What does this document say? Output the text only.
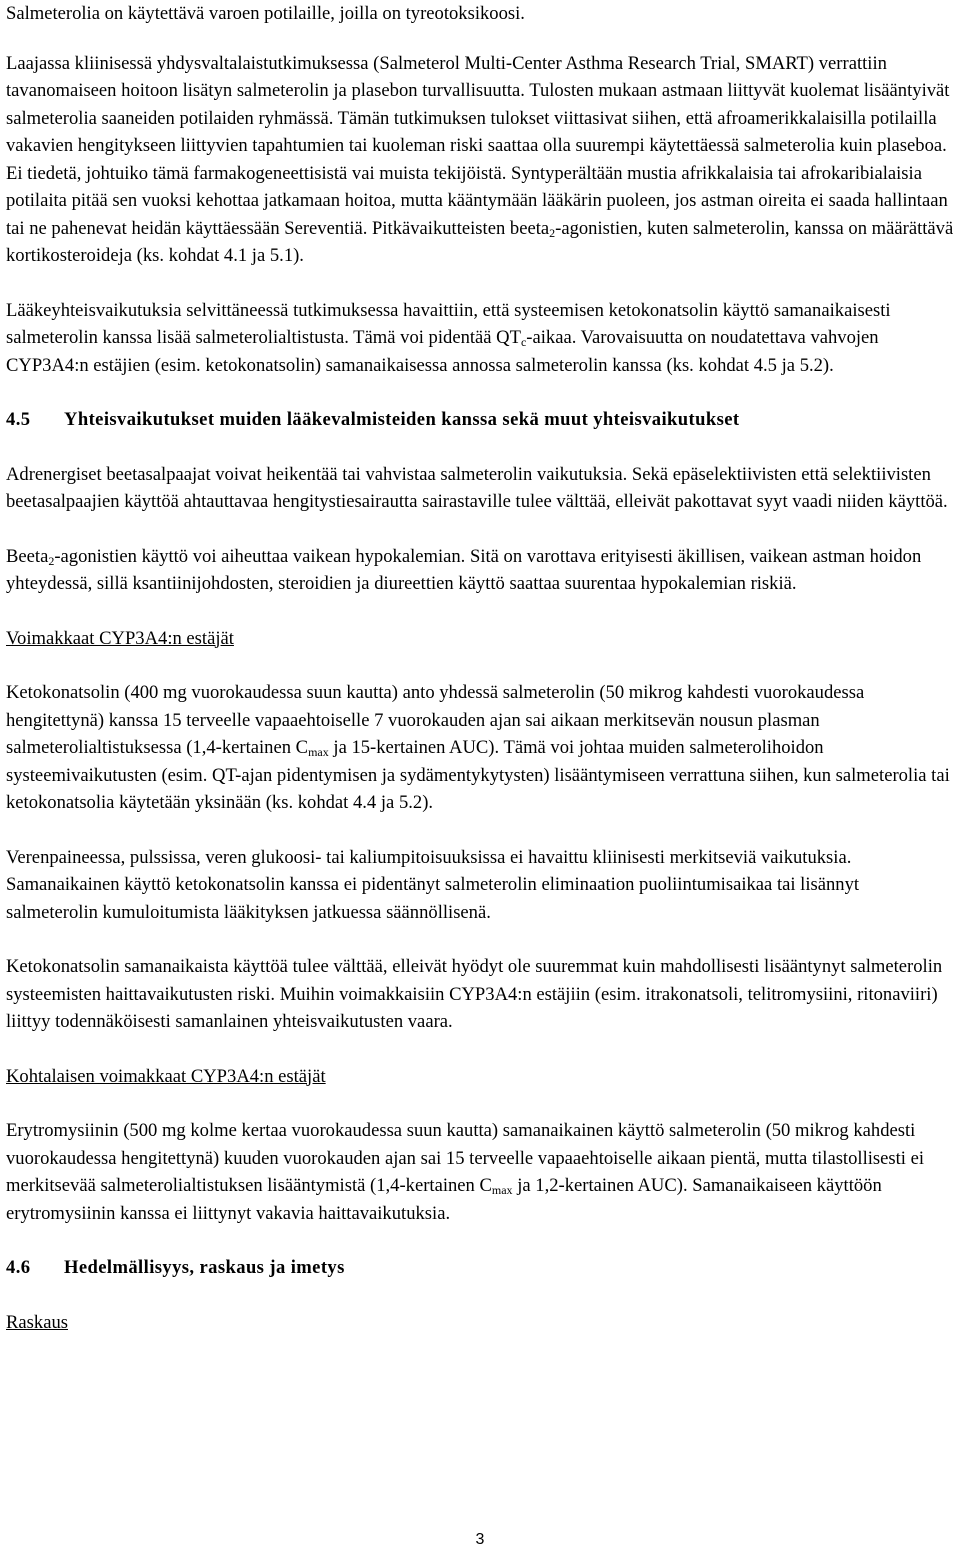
Salmeterolia on käytettävä varoen potilaille, joilla on tyreotoksikoosi.

Laajassa kliinisessä yhdysvaltalaistutkimuksessa (Salmeterol Multi-Center Asthma Research Trial, SMART) verrattiin tavanomaiseen hoitoon lisätyn salmeterolin ja plasebon turvallisuutta. Tulosten mukaan astmaan liittyvät kuolemat lisääntyivät salmeterolia saaneiden potilaiden ryhmässä. Tämän tutkimuksen tulokset viittasivat siihen, että afroamerikkalaisilla potilailla vakavien hengitykseen liittyvien tapahtumien tai kuoleman riski saattaa olla suurempi käytettäessä salmeterolia kuin plaseboa. Ei tiedetä, johtuiko tämä farmakogeneettisistä vai muista tekijöistä. Syntyperältään mustia afrikkalaisia tai afrokaribialaisia potilaita pitää sen vuoksi kehottaa jatkamaan hoitoa, mutta kääntymään lääkärin puoleen, jos astman oireita ei saada hallintaan tai ne pahenevat heidän käyttäessään Sereventiä. Pitkävaikutteisten beeta$_2$-agonistien, kuten salmeterolin, kanssa on määrättävä kortikosteroideja (ks. kohdat 4.1 ja 5.1).

Lääkeyhteisvaikutuksia selvittäneessä tutkimuksessa havaittiin, että systeemisen ketokonatsolin käyttö samanaikaisesti salmeterolin kanssa lisää salmeterolialtistusta. Tämä voi pidentää $QT_c$-aikaa. Varovaisuutta on noudatettava vahvojen CYP3A4:n estäjien (esim. ketokonatsolin) samanaikaisessa annossa salmeterolin kanssa (ks. kohdat 4.5 ja 5.2).

4.5 Yhteisvaikutukset muiden lääkevalmisteiden kanssa sekä muut yhteisvaikutukset

Adrenergiset beetasalpaajat voivat heikentää tai vahvistaa salmeterolin vaikutuksia. Sekä epäselektiivisten että selektiivisten beetasalpaajien käyttöä ahtauttavaa hengitystiesairautta sairastaville tulee välttää, elleivät pakottavat syyt vaadi niiden käyttöä.

Beeta$_2$-agonistien käyttö voi aiheuttaa vaikean hypokalemian. Sitä on varottava erityisesti äkillisen, vaikean astman hoidon yhteydessä, sillä ksantiinijohdosten, steroidien ja diureettien käyttö saattaa suurentaa hypokalemian riskiä.

Voimakkaat CYP3A4:n estäjät

Ketokonatsolin (400 mg vuorokaudessa suun kautta) anto yhdessä salmeterolin (50 mikrog kahdesti vuorokaudessa hengitettynä) kanssa 15 terveelle vapaaehtoiselle 7 vuorokauden ajan sai aikaan merkitsevän nousun plasman salmeterolialtistuksessa (1,4-kertainen $C_{max}$ ja 15-kertainen AUC). Tämä voi johtaa muiden salmeterolihoidon systeemivaikutusten (esim. QT-ajan pidentymisen ja sydämentykytysten) lisääntymiseen verrattuna siihen, kun salmeterolia tai ketokonatsolia käytetään yksinään (ks. kohdat 4.4 ja 5.2).

Verenpaineessa, pulssissa, veren glukoosi- tai kaliumpitoisuuksissa ei havaittu kliinisesti merkitseviä vaikutuksia. Samanaikainen käyttö ketokonatsolin kanssa ei pidentänyt salmeterolin eliminaation puoliintumisaikaa tai lisännyt salmeterolin kumuloitumista lääkityksen jatkuessa säännöllisenä.

Ketokonatsolin samanaikaista käyttöä tulee välttää, elleivät hyödyt ole suuremmat kuin mahdollisesti lisääntynyt salmeterolin systeemisten haittavaikutusten riski. Muihin voimakkaisiin CYP3A4:n estäjiin (esim. itrakonatsoli, telitromysiini, ritonaviiri) liittyy todennäköisesti samanlainen yhteisvaikutusten vaara.

Kohtalaisen voimakkaat CYP3A4:n estäjät

Erytromysiinin (500 mg kolme kertaa vuorokaudessa suun kautta) samanaikainen käyttö salmeterolin (50 mikrog kahdesti vuorokaudessa hengitettynä) kuuden vuorokauden ajan sai 15 terveelle vapaaehtoiselle aikaan pientä, mutta tilastollisesti ei merkitsevää salmeterolialtistuksen lisääntymistä (1,4-kertainen $C_{max}$ ja 1,2-kertainen AUC). Samanaikaiseen käyttöön erytromysiinin kanssa ei liittynyt vakavia haittavaikutuksia.

4.6 Hedelmällisyys, raskaus ja imetys

Raskaus

3
